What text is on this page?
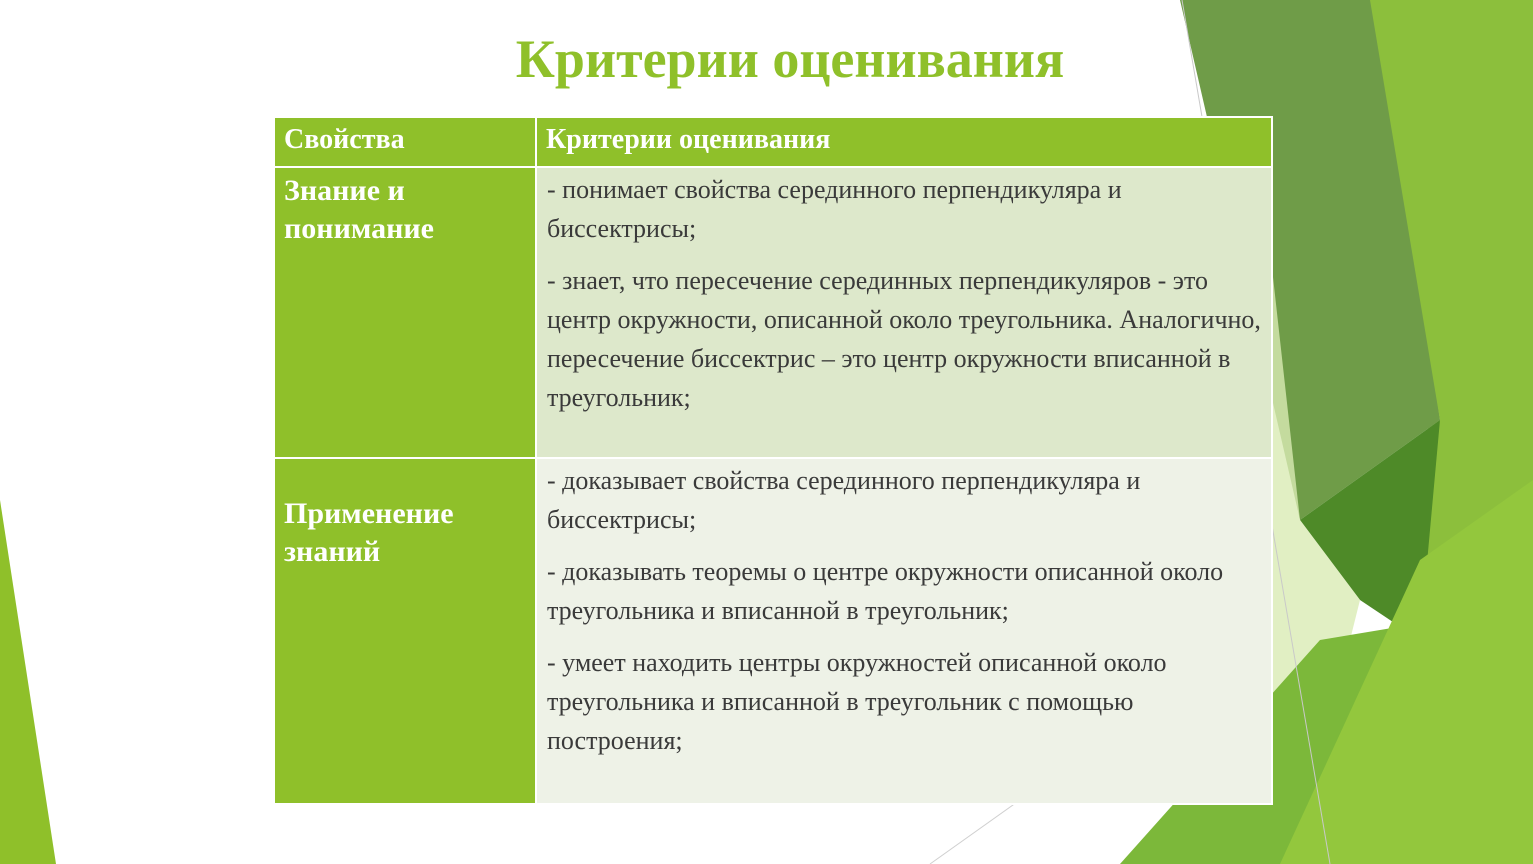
Критерии оценивания
Свойства	Критерии оценивания
Знание и понимание	- понимает свойства серединного перпендикуляра и биссектрисы;

- знает, что пересечение серединных перпендикуляров - это центр окружности, описанной около треугольника. Аналогично, пересечение биссектрис – это центр окружности вписанной в треугольник;

Применение знаний	- доказывает свойства серединного перпендикуляра и биссектрисы;

- доказывать теоремы о центре окружности описанной около треугольника и вписанной в треугольник;

- умеет находить центры окружностей описанной около треугольника и вписанной в треугольник с помощью построения;
